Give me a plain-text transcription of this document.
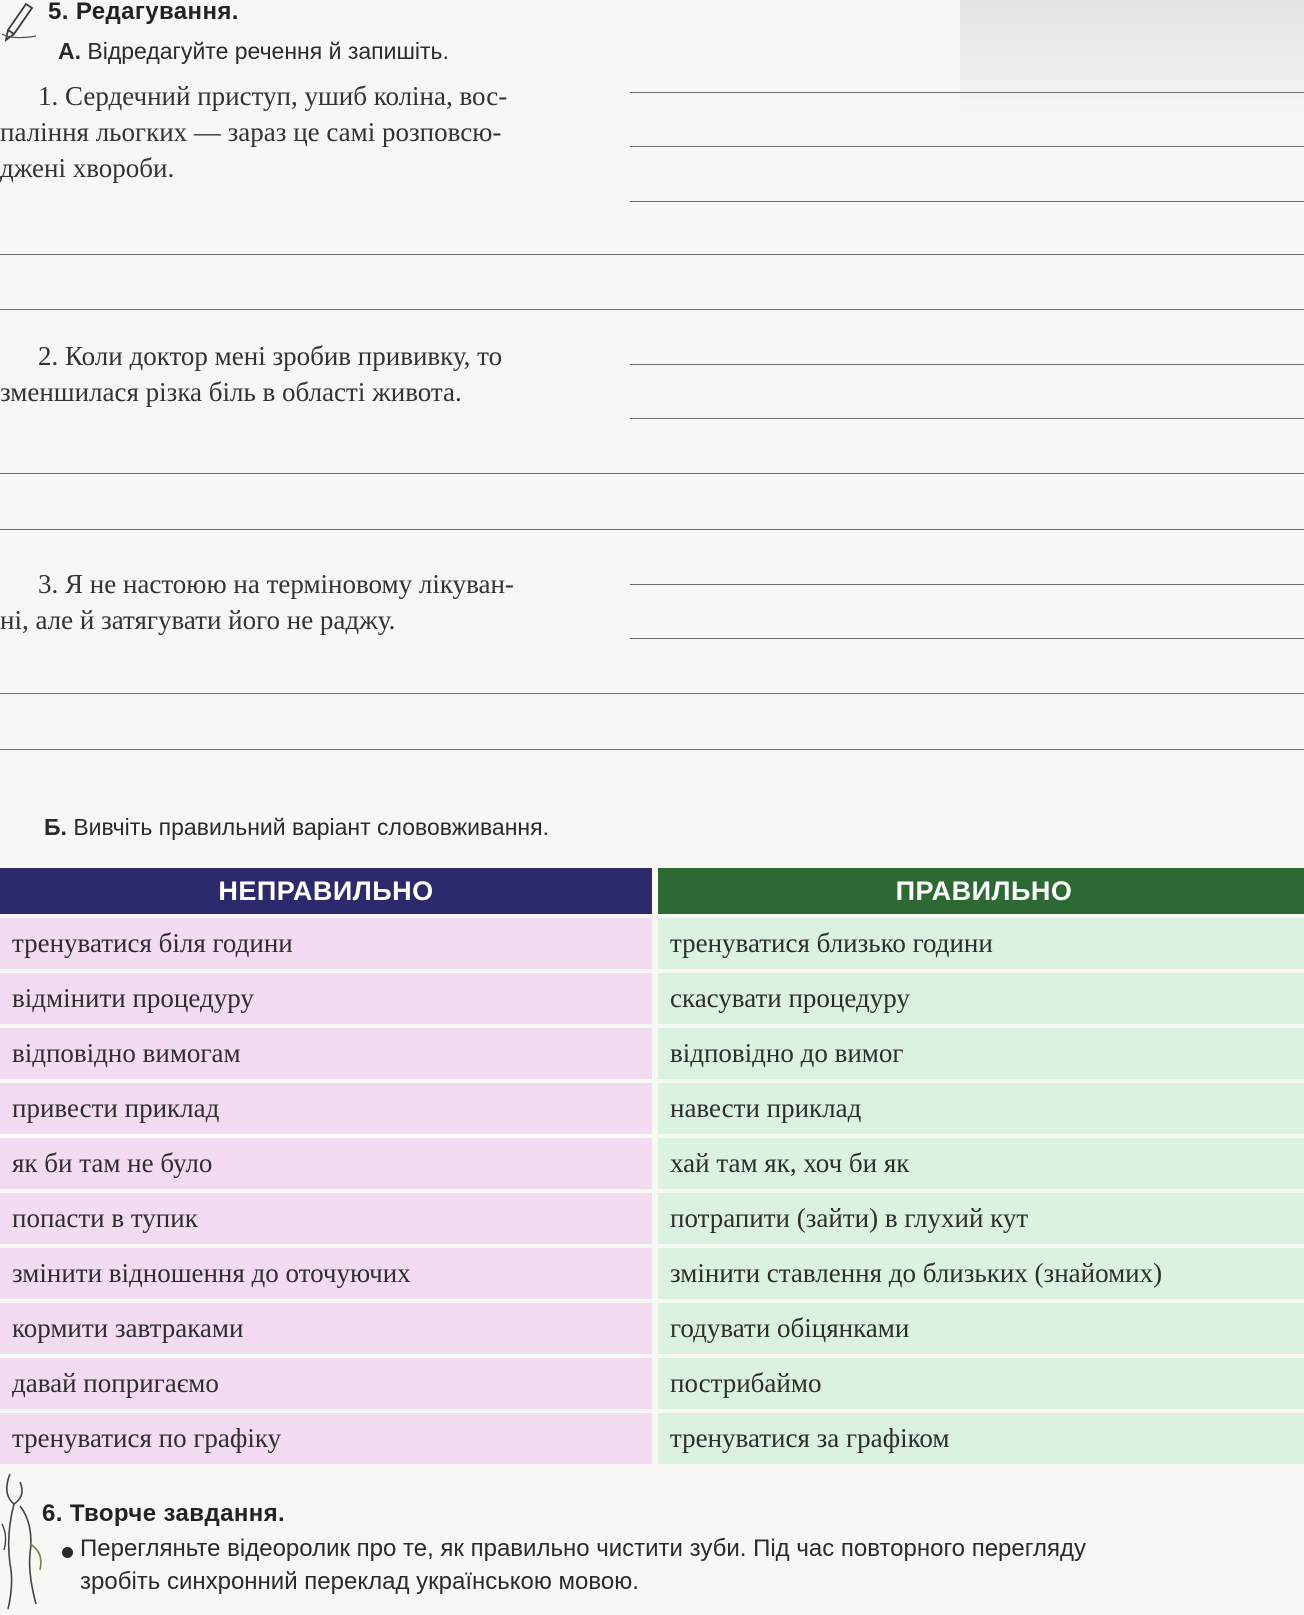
5. Редагування.
А. Відредагуйте речення й запишіть.
1. Сердечний приступ, ушиб коліна, вос-
паління льогких — зараз це самі розповсю-
джені хвороби.
2. Коли доктор мені зробив прививку, то
зменшилася різка біль в області живота.
3. Я не настоюю на терміновому лікуван-
ні, але й затягувати його не раджу.
Б. Вивчіть правильний варіант слововживання.
НЕПРАВИЛЬНО	ПРАВИЛЬНО
тренуватися біля години	тренуватися близько години
відмінити процедуру	скасувати процедуру
відповідно вимогам	відповідно до вимог
привести приклад	навести приклад
як би там не було	хай там як, хоч би як
попасти в тупик	потрапити (зайти) в глухий кут
змінити відношення до оточуючих	змінити ставлення до близьких (знайомих)
кормити завтраками	годувати обіцянками
давай попригаємо	пострибаймо
тренуватися по графіку	тренуватися за графіком
6. Творче завдання.
Перегляньте відеоролик про те, як правильно чистити зуби. Під час повторного перегляду
зробіть синхронний переклад українською мовою.
